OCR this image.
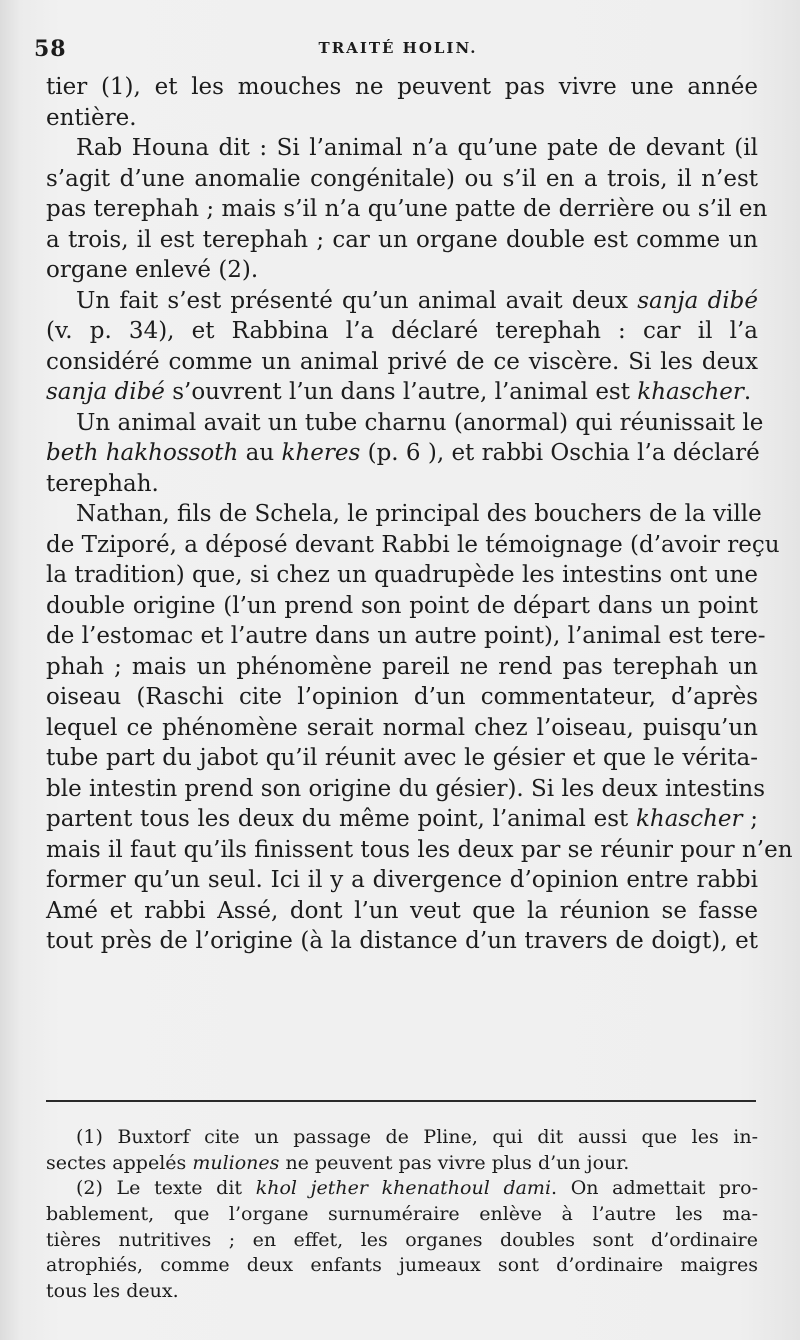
58	TRAITÉ HOLIN.
tier (1), et les mouches ne peuvent pas vivre une année
entière.
Rab Houna dit : Si l’animal n’a qu’une pate de devant (il
s’agit d’une anomalie congénitale) ou s’il en a trois, il n’est
pas terephah ; mais s’il n’a qu’une patte de derrière ou s’il en
a trois, il est terephah ; car un organe double est comme un
organe enlevé (2).
Un fait s’est présenté qu’un animal avait deux sanja dibé
(v. p. 34), et Rabbina l’a déclaré terephah : car il l’a
considéré comme un animal privé de ce viscère. Si les deux
sanja dibé s’ouvrent l’un dans l’autre, l’animal est khascher.
Un animal avait un tube charnu (anormal) qui réunissait le
beth hakhossoth au kheres (p. 6 ), et rabbi Oschia l’a déclaré
terephah.
Nathan, fils de Schela, le principal des bouchers de la ville
de Tziporé, a déposé devant Rabbi le témoignage (d’avoir reçu
la tradition) que, si chez un quadrupède les intestins ont une
double origine (l’un prend son point de départ dans un point
de l’estomac et l’autre dans un autre point), l’animal est tere-
phah ; mais un phénomène pareil ne rend pas terephah un
oiseau (Raschi cite l’opinion d’un commentateur, d’après
lequel ce phénomène serait normal chez l’oiseau, puisqu’un
tube part du jabot qu’il réunit avec le gésier et que le vérita-
ble intestin prend son origine du gésier). Si les deux intestins
partent tous les deux du même point, l’animal est khascher ;
mais il faut qu’ils finissent tous les deux par se réunir pour n’en
former qu’un seul. Ici il y a divergence d’opinion entre rabbi
Amé et rabbi Assé, dont l’un veut que la réunion se fasse
tout près de l’origine (à la distance d’un travers de doigt), et
(1) Buxtorf cite un passage de Pline, qui dit aussi que les in-
sectes appelés muliones ne peuvent pas vivre plus d’un jour.
(2) Le texte dit khol jether khenathoul dami. On admettait pro-
bablement, que l’organe surnuméraire enlève à l’autre les ma-
tières nutritives ; en effet, les organes doubles sont d’ordinaire
atrophiés, comme deux enfants jumeaux sont d’ordinaire maigres
tous les deux.
